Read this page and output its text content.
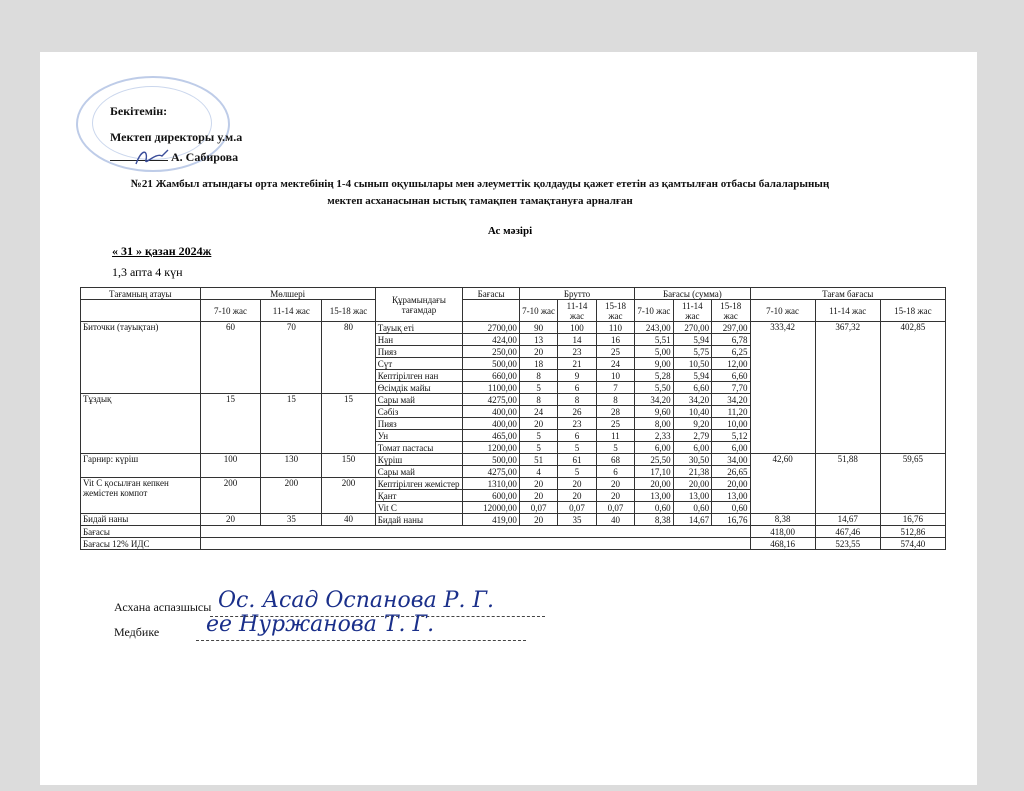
Бекітемін:
Мектеп директоры у.м.а
А. Сабирова
№21 Жамбыл атындағы орта мектебінің 1-4 сынып оқушылары мен әлеуметтік қолдауды қажет ететін аз қамтылған отбасы балаларының
мектеп асханасынан ыстық тамақпен тамақтануға арналған
Ас мәзірі
« 31 » қазан 2024ж
1,3 апта 4 күн
Тағамның атауы	Мөлшері			Құрамындағы тағамдар	Бағасы	Брутто			Бағасы (сумма)			Тағам бағасы		
	7-10 жас	11-14 жас	15-18 жас			7-10 жас	11-14 жас	15-18 жас	7-10 жас	11-14 жас	15-18 жас	7-10 жас	11-14 жас	15-18 жас
Биточки (тауықтан)	60	70	80	Тауық еті	2700,00	90	100	110	243,00	270,00	297,00	333,42	367,32	402,85
				Нан	424,00	13	14	16	5,51	5,94	6,78			
				Пияз	250,00	20	23	25	5,00	5,75	6,25			
				Сүт	500,00	18	21	24	9,00	10,50	12,00			
				Кептірілген нан	660,00	8	9	10	5,28	5,94	6,60			
				Өсімдік майы	1100,00	5	6	7	5,50	6,60	7,70			
Тұздық	15	15	15	Сары май	4275,00	8	8	8	34,20	34,20	34,20			
				Сәбіз	400,00	24	26	28	9,60	10,40	11,20			
				Пияз	400,00	20	23	25	8,00	9,20	10,00			
				Ун	465,00	5	6	11	2,33	2,79	5,12			
				Томат пастасы	1200,00	5	5	5	6,00	6,00	6,00			
Гарнир: күріш	100	130	150	Күріш	500,00	51	61	68	25,50	30,50	34,00	42,60	51,88	59,65
				Сары май	4275,00	4	5	6	17,10	21,38	26,65			
Vit C қосылған кепкен жемістен компот	200	200	200	Кептірілген жемістер	1310,00	20	20	20	20,00	20,00	20,00			
				Қант	600,00	20	20	20	13,00	13,00	13,00			
				Vit C	12000,00	0,07	0,07	0,07	0,60	0,60	0,60			
Бидай наны	20	35	40	Бидай наны	419,00	20	35	40	8,38	14,67	16,76	8,38	14,67	16,76
Бағасы												418,00	467,46	512,86
Бағасы 12% ИДС												468,16	523,55	574,40
Асхана аспазшысы Ос. Асад Оспанова Р. Г.
Медбике ее Нуржанова Т. Г.
